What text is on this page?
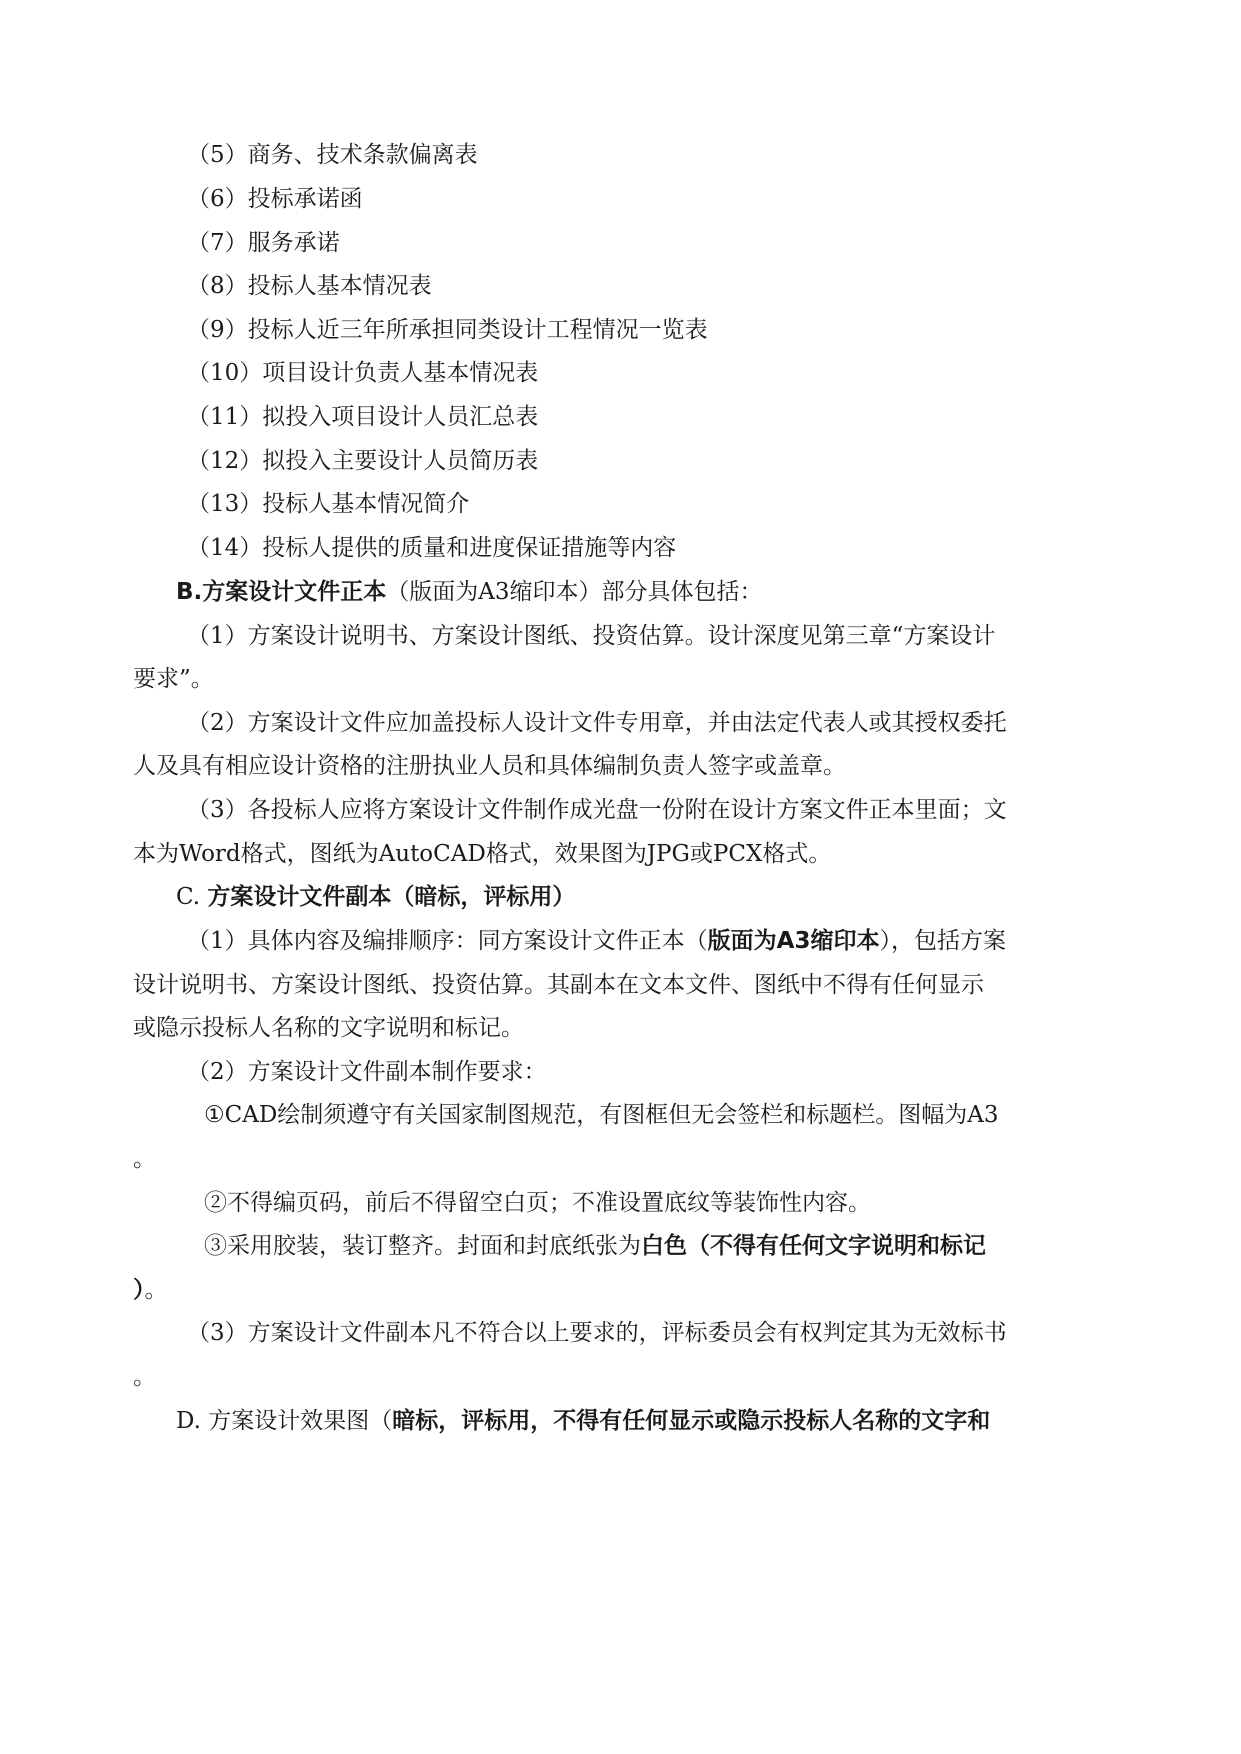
（5）商务、技术条款偏离表
（6）投标承诺函
（7）服务承诺
（8）投标人基本情况表
（9）投标人近三年所承担同类设计工程情况一览表
（10）项目设计负责人基本情况表
（11）拟投入项目设计人员汇总表
（12）拟投入主要设计人员简历表
（13）投标人基本情况简介
（14）投标人提供的质量和进度保证措施等内容
B.方案设计文件正本（版面为A3缩印本）部分具体包括：
（1）方案设计说明书、方案设计图纸、投资估算。设计深度见第三章“方案设计
要求”。
（2）方案设计文件应加盖投标人设计文件专用章，并由法定代表人或其授权委托
人及具有相应设计资格的注册执业人员和具体编制负责人签字或盖章。
（3）各投标人应将方案设计文件制作成光盘一份附在设计方案文件正本里面；文
本为Word格式，图纸为AutoCAD格式，效果图为JPG或PCX格式。
C. 方案设计文件副本（暗标，评标用）
（1）具体内容及编排顺序：同方案设计文件正本（版面为A3缩印本），包括方案
设计说明书、方案设计图纸、投资估算。其副本在文本文件、图纸中不得有任何显示
或隐示投标人名称的文字说明和标记。
（2）方案设计文件副本制作要求：
①CAD绘制须遵守有关国家制图规范，有图框但无会签栏和标题栏。图幅为A3
。
②不得编页码，前后不得留空白页；不准设置底纹等装饰性内容。
③采用胶装，装订整齐。封面和封底纸张为白色（不得有任何文字说明和标记
）。
（3）方案设计文件副本凡不符合以上要求的，评标委员会有权判定其为无效标书
。
D. 方案设计效果图（暗标，评标用，不得有任何显示或隐示投标人名称的文字和
